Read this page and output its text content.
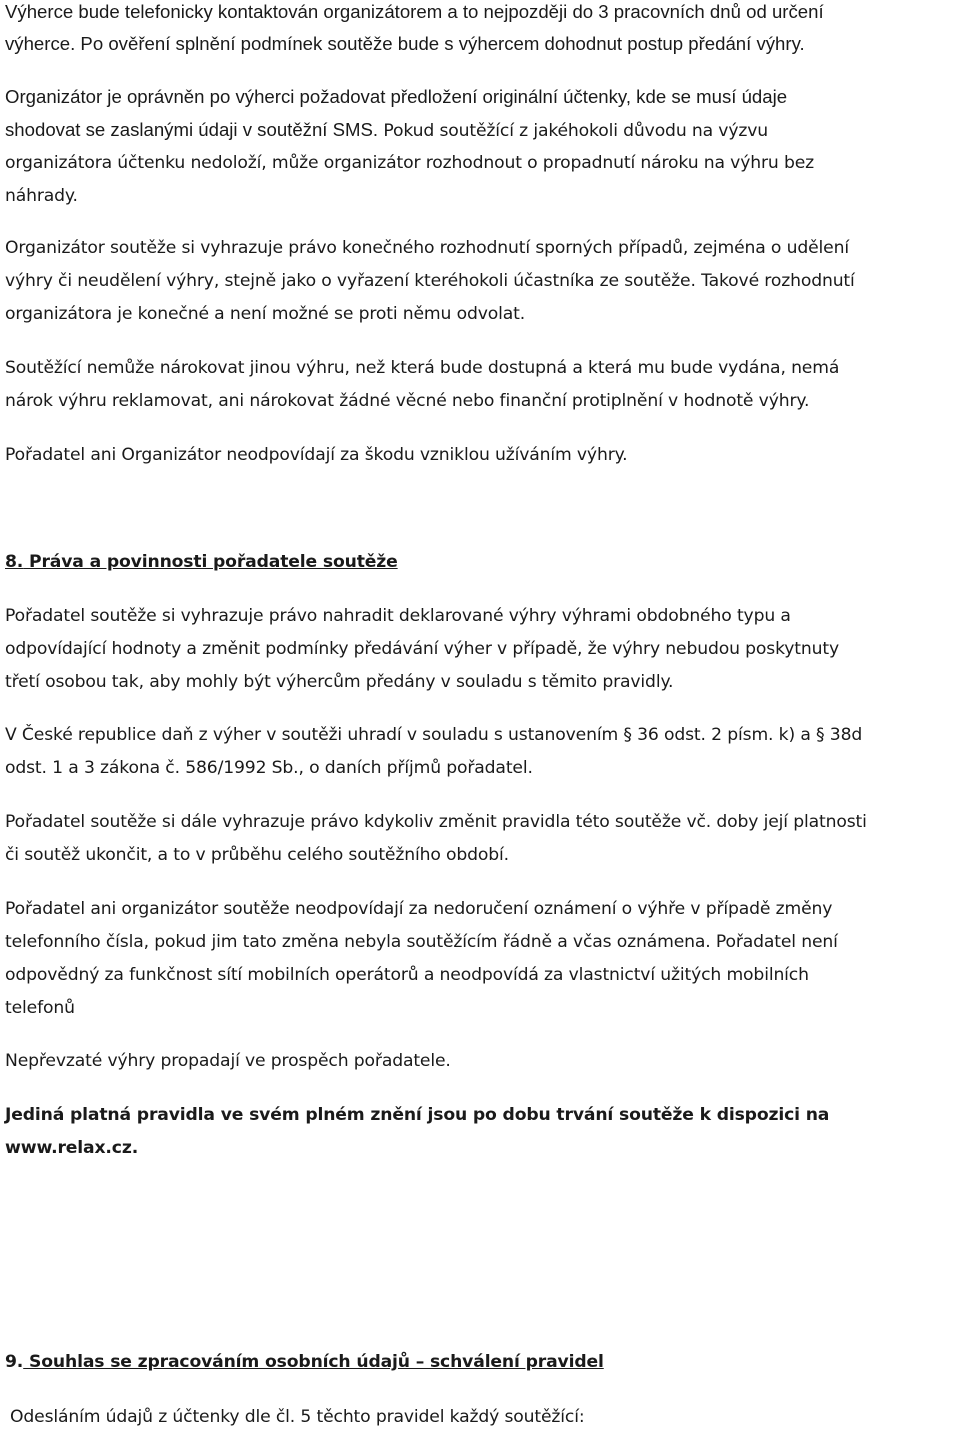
Výherce bude telefonicky kontaktován organizátorem a to nejpozději do 3 pracovních dnů od určení
výherce. Po ověření splnění podmínek soutěže bude s výhercem dohodnut postup předání výhry.
Organizátor je oprávněn po výherci požadovat předložení originální účtenky, kde se musí údaje
shodovat se zaslanými údaji v soutěžní SMS. Pokud soutěžící z jakéhokoli důvodu na výzvu
organizátora účtenku nedoloží, může organizátor rozhodnout o propadnutí nároku na výhru bez
náhrady.
Organizátor soutěže si vyhrazuje právo konečného rozhodnutí sporných případů, zejména o udělení
výhry či neudělení výhry, stejně jako o vyřazení kteréhokoli účastníka ze soutěže. Takové rozhodnutí
organizátora je konečné a není možné se proti němu odvolat.
Soutěžící nemůže nárokovat jinou výhru, než která bude dostupná a která mu bude vydána, nemá
nárok výhru reklamovat, ani nárokovat žádné věcné nebo finanční protiplnění v hodnotě výhry.
Pořadatel ani Organizátor neodpovídají za škodu vzniklou užíváním výhry.
8. Práva a povinnosti pořadatele soutěže
Pořadatel soutěže si vyhrazuje právo nahradit deklarované výhry výhrami obdobného typu a
odpovídající hodnoty a změnit podmínky předávání výher v případě, že výhry nebudou poskytnuty
třetí osobou tak, aby mohly být výhercům předány v souladu s těmito pravidly.
V České republice daň z výher v soutěži uhradí v souladu s ustanovením § 36 odst. 2 písm. k) a § 38d
odst. 1 a 3 zákona č. 586/1992 Sb., o daních příjmů pořadatel.
Pořadatel soutěže si dále vyhrazuje právo kdykoliv změnit pravidla této soutěže vč. doby její platnosti
či soutěž ukončit, a to v průběhu celého soutěžního období.
Pořadatel ani organizátor soutěže neodpovídají za nedoručení oznámení o výhře v případě změny
telefonního čísla, pokud jim tato změna nebyla soutěžícím řádně a včas oznámena. Pořadatel není
odpovědný za funkčnost sítí mobilních operátorů a neodpovídá za vlastnictví užitých mobilních
telefonů
Nepřevzaté výhry propadají ve prospěch pořadatele.
Jediná platná pravidla ve svém plném znění jsou po dobu trvání soutěže k dispozici na
www.relax.cz.
9. Souhlas se zpracováním osobních údajů – schválení pravidel
Odesláním údajů z účtenky dle čl. 5 těchto pravidel každý soutěžící:
